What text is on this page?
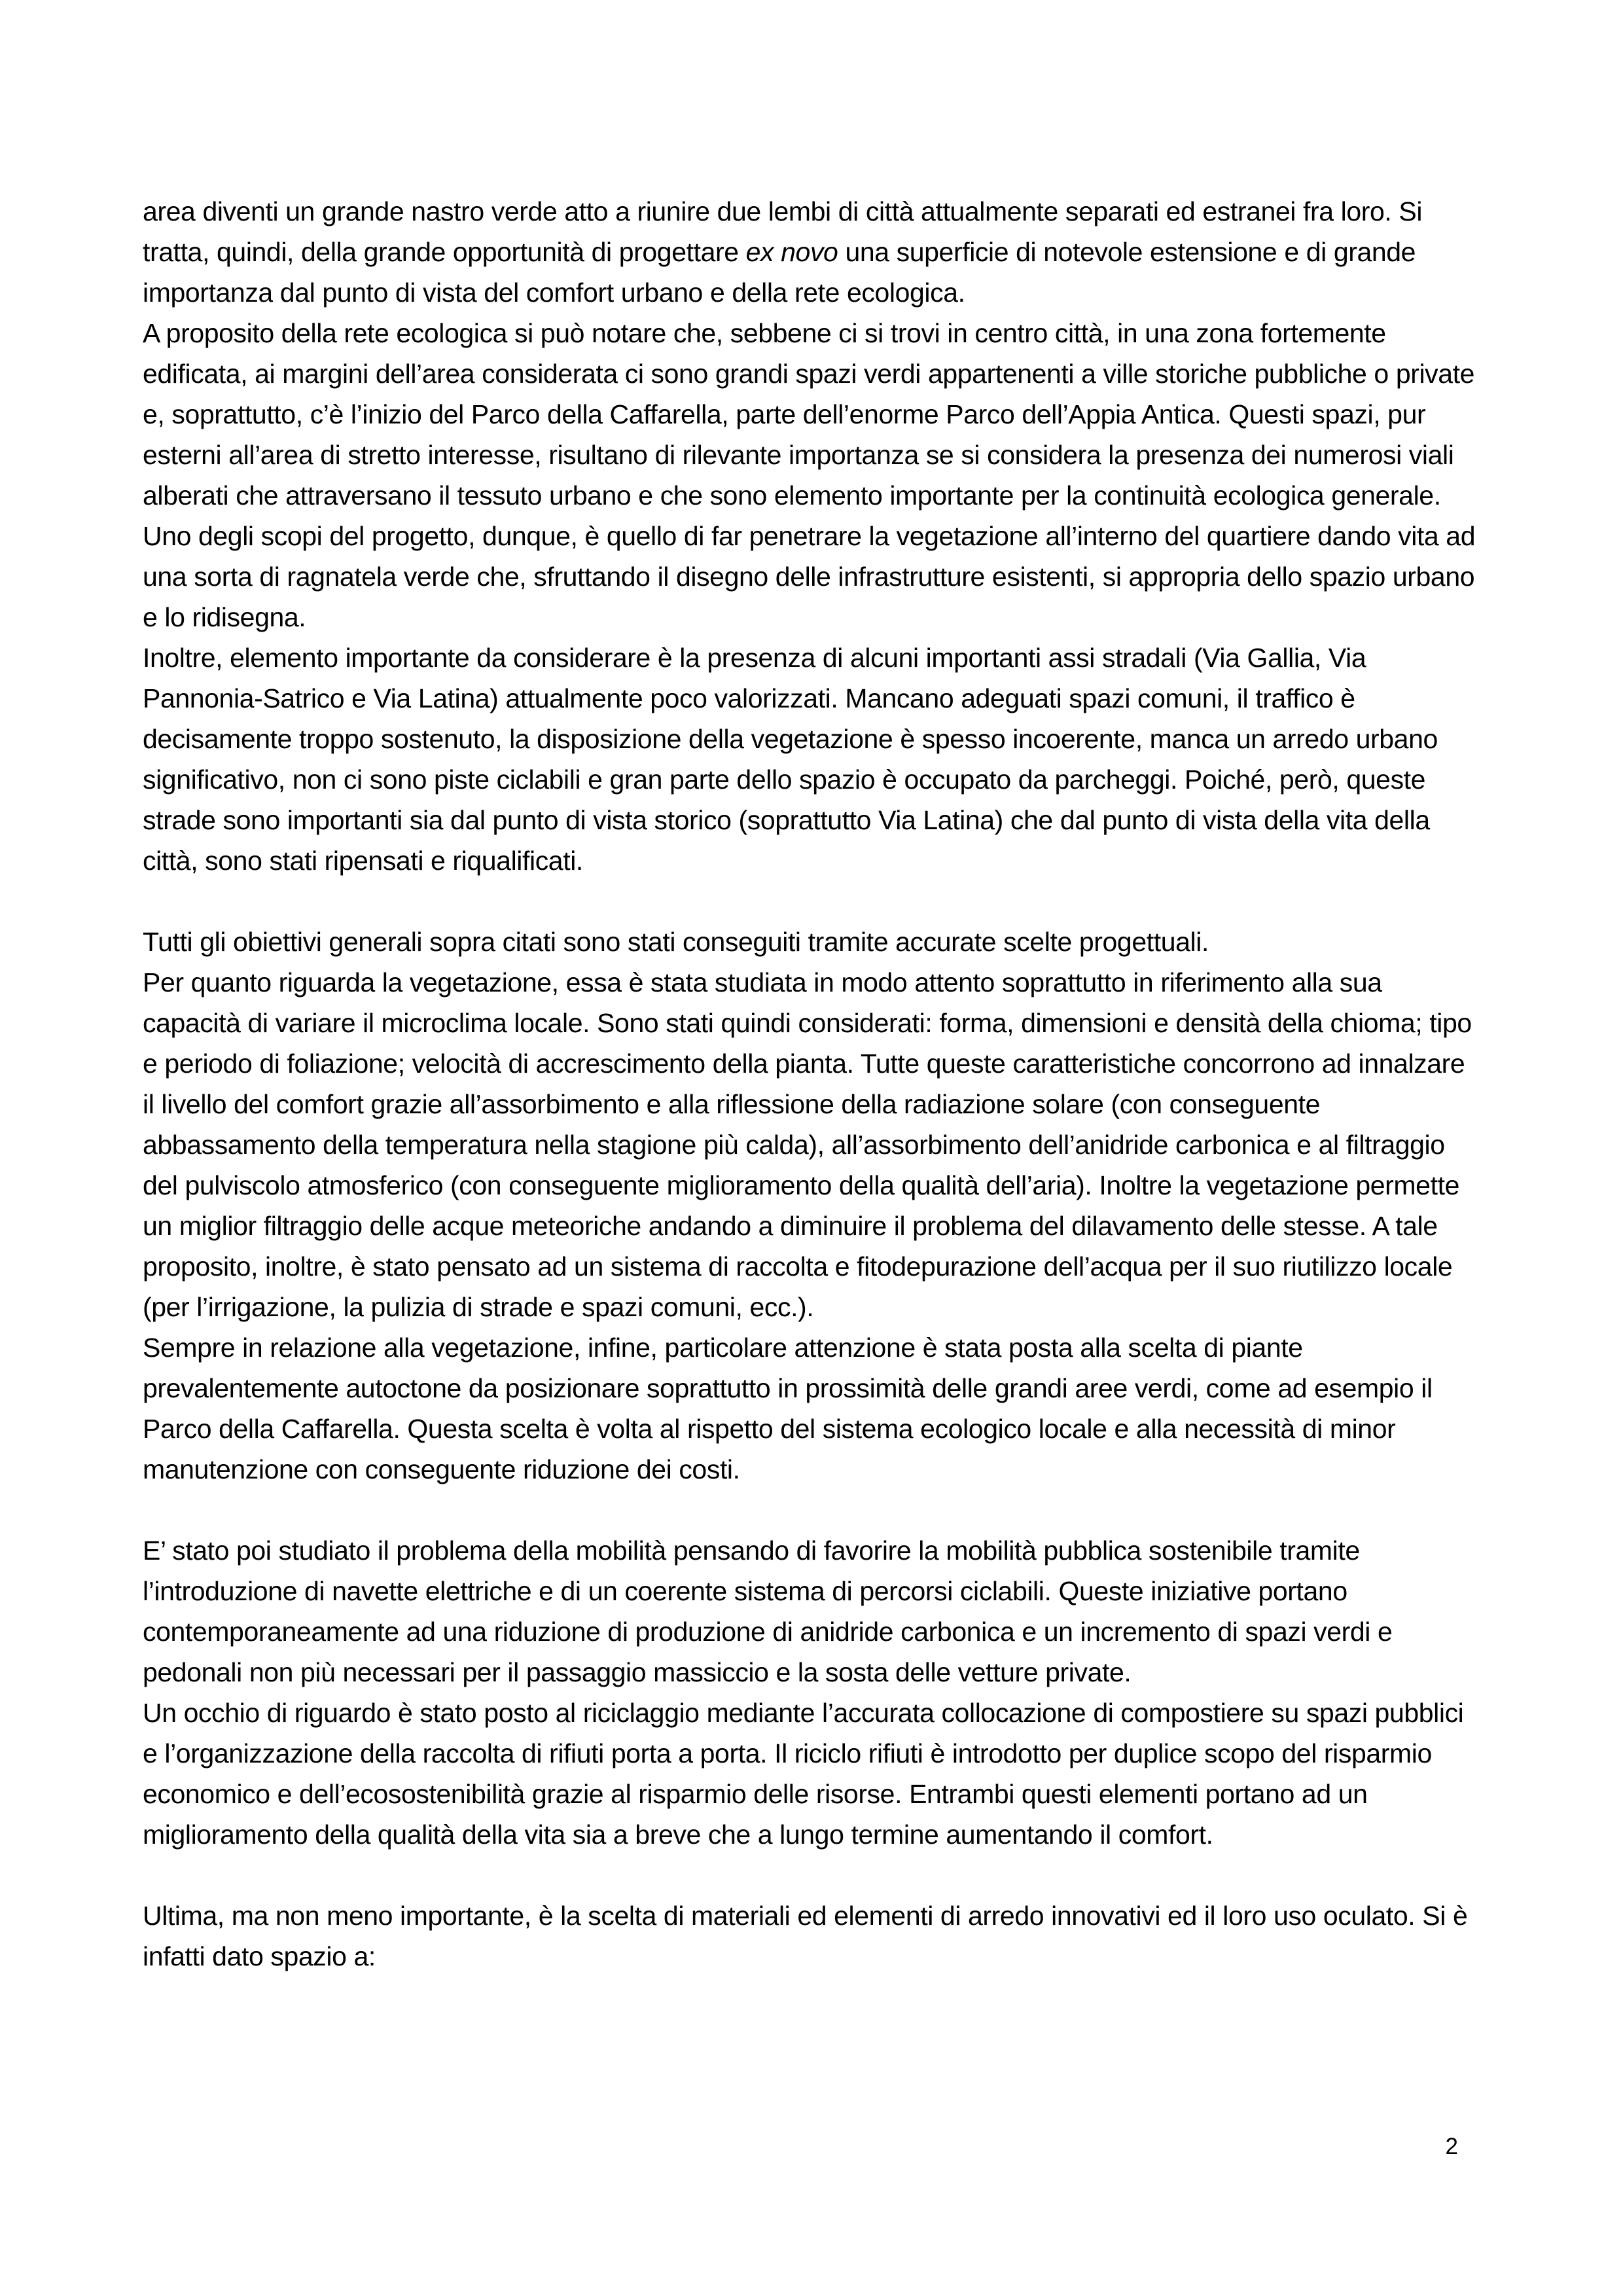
area diventi un grande nastro verde atto a riunire due lembi di città attualmente separati ed estranei fra loro. Si tratta, quindi, della grande opportunità di progettare ex novo una superficie di notevole estensione e di grande importanza dal punto di vista del comfort urbano e della rete ecologica.

A proposito della rete ecologica si può notare che, sebbene ci si trovi in centro città, in una zona fortemente edificata, ai margini dell’area considerata ci sono grandi spazi verdi appartenenti a ville storiche pubbliche o private e, soprattutto, c’è l’inizio del Parco della Caffarella, parte dell’enorme Parco dell’Appia Antica. Questi spazi, pur esterni all’area di stretto interesse, risultano di rilevante importanza se si considera la presenza dei numerosi viali alberati che attraversano il tessuto urbano e che sono elemento importante per la continuità ecologica generale.

Uno degli scopi del progetto, dunque, è quello di far penetrare la vegetazione all’interno del quartiere dando vita ad una sorta di ragnatela verde che, sfruttando il disegno delle infrastrutture esistenti, si appropria dello spazio urbano e lo ridisegna.

Inoltre, elemento importante da considerare è la presenza di alcuni importanti assi stradali (Via Gallia, Via Pannonia-Satrico e Via Latina) attualmente poco valorizzati. Mancano adeguati spazi comuni, il traffico è decisamente troppo sostenuto, la disposizione della vegetazione è spesso incoerente, manca un arredo urbano significativo, non ci sono piste ciclabili e gran parte dello spazio è occupato da parcheggi. Poiché, però, queste strade sono importanti sia dal punto di vista storico (soprattutto Via Latina) che dal punto di vista della vita della città, sono stati ripensati e riqualificati.

Tutti gli obiettivi generali sopra citati sono stati conseguiti tramite accurate scelte progettuali.

Per quanto riguarda la vegetazione, essa è stata studiata in modo attento soprattutto in riferimento alla sua capacità di variare il microclima locale. Sono stati quindi considerati: forma, dimensioni e densità della chioma; tipo e periodo di foliazione; velocità di accrescimento della pianta. Tutte queste caratteristiche concorrono ad innalzare il livello del comfort grazie all’assorbimento e alla riflessione della radiazione solare (con conseguente abbassamento della temperatura nella stagione più calda), all’assorbimento dell’anidride carbonica e al filtraggio del pulviscolo atmosferico (con conseguente miglioramento della qualità dell’aria). Inoltre la vegetazione permette un miglior filtraggio delle acque meteoriche andando a diminuire il problema del dilavamento delle stesse. A tale proposito, inoltre, è stato pensato ad un sistema di raccolta e fitodepurazione dell’acqua per il suo riutilizzo locale (per l’irrigazione, la pulizia di strade e spazi comuni, ecc.).

Sempre in relazione alla vegetazione, infine, particolare attenzione è stata posta alla scelta di piante prevalentemente autoctone da posizionare soprattutto in prossimità delle grandi aree verdi, come ad esempio il Parco della Caffarella. Questa scelta è volta al rispetto del sistema ecologico locale e alla necessità di minor manutenzione con conseguente riduzione dei costi.

E’ stato poi studiato il problema della mobilità pensando di favorire la mobilità pubblica sostenibile tramite l’introduzione di navette elettriche e di un coerente sistema di percorsi ciclabili. Queste iniziative portano contemporaneamente ad una riduzione di produzione di anidride carbonica e un incremento di spazi verdi e pedonali non più necessari per il passaggio massiccio e la sosta delle vetture private.

Un occhio di riguardo è stato posto al riciclaggio mediante l’accurata collocazione di compostiere su spazi pubblici e l’organizzazione della raccolta di rifiuti porta a porta. Il riciclo rifiuti è introdotto per duplice scopo del risparmio economico e dell’ecosostenibilità grazie al risparmio delle risorse. Entrambi questi elementi portano ad un miglioramento della qualità della vita sia a breve che a lungo termine aumentando il comfort.

Ultima, ma non meno importante, è la scelta di materiali ed elementi di arredo innovativi ed il loro uso oculato. Si è infatti dato spazio a:

2
